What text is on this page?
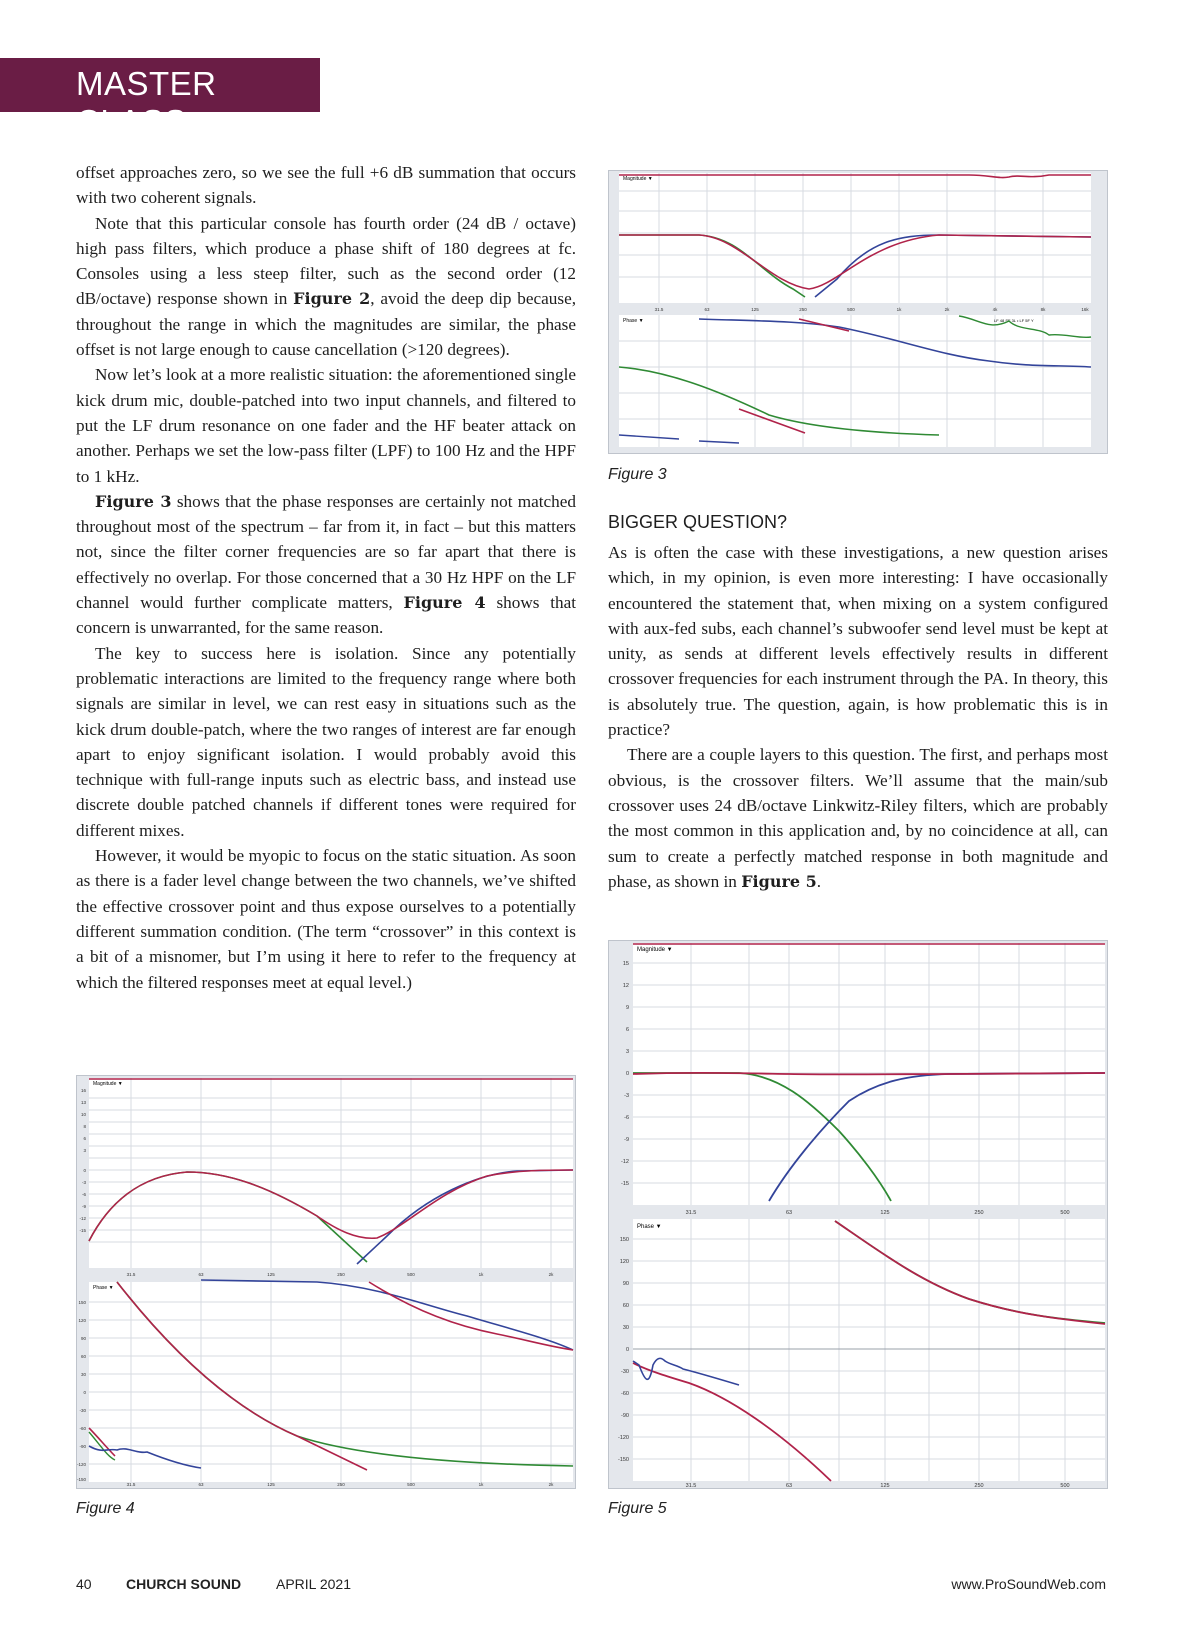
MASTER CLASS

offset approaches zero, so we see the full +6 dB summation that occurs with two coherent signals.

Note that this particular console has fourth order (24 dB / octave) high pass filters, which produce a phase shift of 180 degrees at fc. Consoles using a less steep filter, such as the second order (12 dB/octave) response shown in Figure 2, avoid the deep dip because, throughout the range in which the magnitudes are similar, the phase offset is not large enough to cause cancellation (>120 degrees).

Now let’s look at a more realistic situation: the aforementioned single kick drum mic, double-patched into two input channels, and filtered to put the LF drum resonance on one fader and the HF beater attack on another. Perhaps we set the low-pass filter (LPF) to 100 Hz and the HPF to 1 kHz.

Figure 3 shows that the phase responses are certainly not matched throughout most of the spectrum – far from it, in fact – but this matters not, since the filter corner frequencies are so far apart that there is effectively no overlap. For those concerned that a 30 Hz HPF on the LF channel would further complicate matters, Figure 4 shows that concern is unwarranted, for the same reason.

The key to success here is isolation. Since any potentially problematic interactions are limited to the frequency range where both signals are similar in level, we can rest easy in situations such as the kick drum double-patch, where the two ranges of interest are far enough apart to enjoy significant isolation. I would probably avoid this technique with full-range inputs such as electric bass, and instead use discrete double patched channels if different tones were required for different mixes.

However, it would be myopic to focus on the static situation. As soon as there is a fader level change between the two channels, we’ve shifted the effective crossover point and thus expose ourselves to a potentially different summation condition. (The term “crossover” in this context is a bit of a misnomer, but I’m using it here to refer to the frequency at which the filtered responses meet at equal level.)

Magnitude ▼
Phase ▼	LF 48 SF 3L • LF 5F Y
31.5	63	125	250	500	1k	2k	4k	8k	16k
Figure 3
BIGGER QUESTION?

As is often the case with these investigations, a new question arises which, in my opinion, is even more interesting: I have occasionally encountered the statement that, when mixing on a system configured with aux-fed subs, each channel’s subwoofer send level must be kept at unity, as sends at different levels effectively results in different crossover frequencies for each instrument through the PA. In theory, this is absolutely true. The question, again, is how problematic this is in practice?

There are a couple layers to this question. The first, and perhaps most obvious, is the crossover filters. We’ll assume that the main/sub crossover uses 24 dB/octave Linkwitz-Riley filters, which are probably the most common in this application and, by no coincidence at all, can sum to create a perfectly matched response in both magnitude and phase, as shown in Figure 5.

Magnitude ▼
Phase ▼
16
13
10
8
6
3
0
-3
-6
-9
-12
-15
150
120
90
60
30
0
-30
-60
-90
-120
-150
31.5	63	125	250	500	1k	2k
31.5	63	125	250	500	1k	2k
Figure 4
Magnitude ▼
Phase ▼
15
12
9
6
3
0
-3
-6
-9
-12
-15
150
120
90
60
30
0
-30
-60
-90
-120
-150
31.5	63	125	250	500
31.5	63	125	250	500
Figure 5
40 CHURCH SOUND APRIL 2021	www.ProSoundWeb.com
